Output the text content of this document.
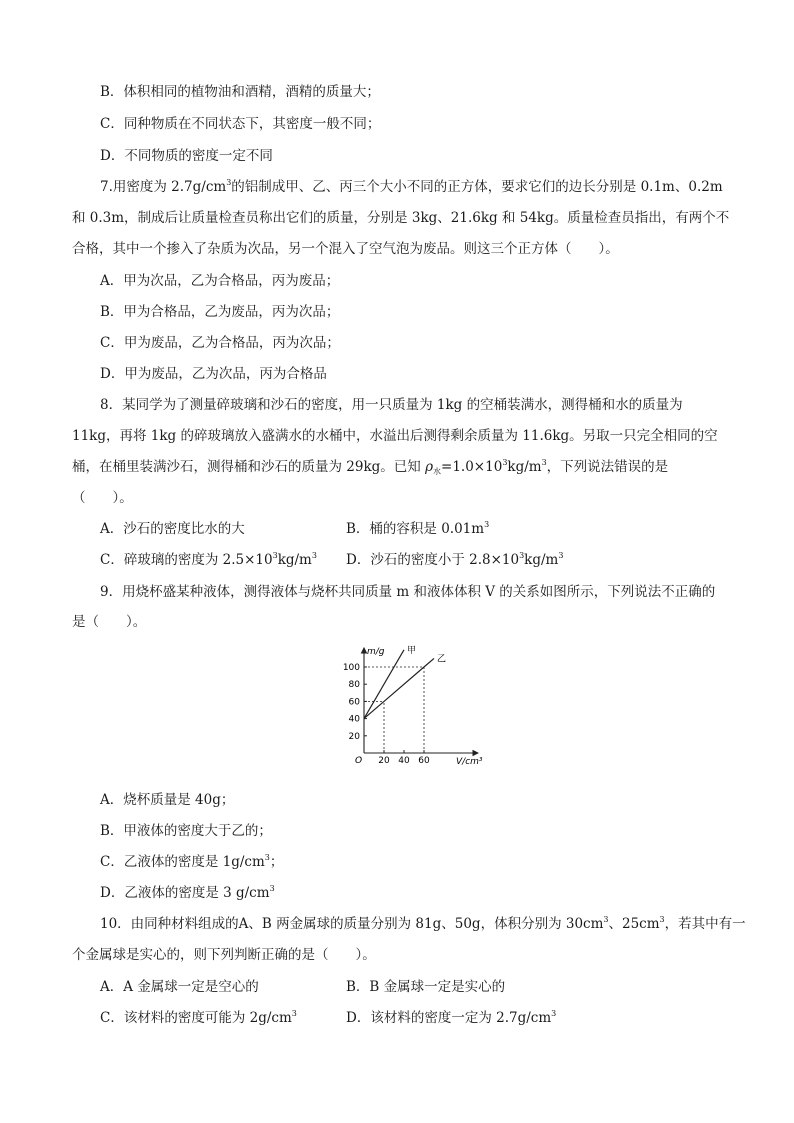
B．体积相同的植物油和酒精，酒精的质量大；
C．同种物质在不同状态下，其密度一般不同；
D．不同物质的密度一定不同
7.用密度为 $2.7g/cm^3$的铝制成甲、乙、丙三个大小不同的正方体，要求它们的边长分别是 0.1m、0.2m
和 0.3m，制成后让质量检查员称出它们的质量，分别是 3kg、21.6kg 和 54kg。质量检查员指出，有两个不
合格，其中一个掺入了杂质为次品，另一个混入了空气泡为废品。则这三个正方体（　　）。
A．甲为次品，乙为合格品，丙为废品；
B．甲为合格品，乙为废品，丙为次品；
C．甲为废品，乙为合格品，丙为次品；
D．甲为废品，乙为次品，丙为合格品
8．某同学为了测量碎玻璃和沙石的密度，用一只质量为 1kg 的空桶装满水，测得桶和水的质量为
11kg，再将 1kg 的碎玻璃放入盛满水的水桶中，水溢出后测得剩余质量为 11.6kg。另取一只完全相同的空
桶，在桶里装满沙石，测得桶和沙石的质量为 29kg。已知 $\rho_水=1.0\times 10^3kg/m^3$，下列说法错误的是
（　　）。
A．沙石的密度比水的大	B．桶的容积是 $0.01m^3$
C．碎玻璃的密度为 $2.5\times 10^3kg/m^3$ D．沙石的密度小于 $2.8\times 10^3kg/m^3$
9．用烧杯盛某种液体，测得液体与烧杯共同质量 m 和液体体积 V 的关系如图所示，下列说法不正确的
是（　　）。
m/g
V/cm³
O
20
40
60
80
100
20 40 60
甲
乙
A．烧杯质量是 40g；
B．甲液体的密度大于乙的；
C．乙液体的密度是 $1g/cm^3$；
D．乙液体的密度是 3 $g/cm^3$
10．由同种材料组成的A、B 两金属球的质量分别为 81g、50g，体积分别为 $30cm^3$、$25cm^3$，若其中有一
个金属球是实心的，则下列判断正确的是（　　）。
A．A 金属球一定是空心的	B．B 金属球一定是实心的
C．该材料的密度可能为 $2g/cm^3$	D．该材料的密度一定为 $2.7g/cm^3$
